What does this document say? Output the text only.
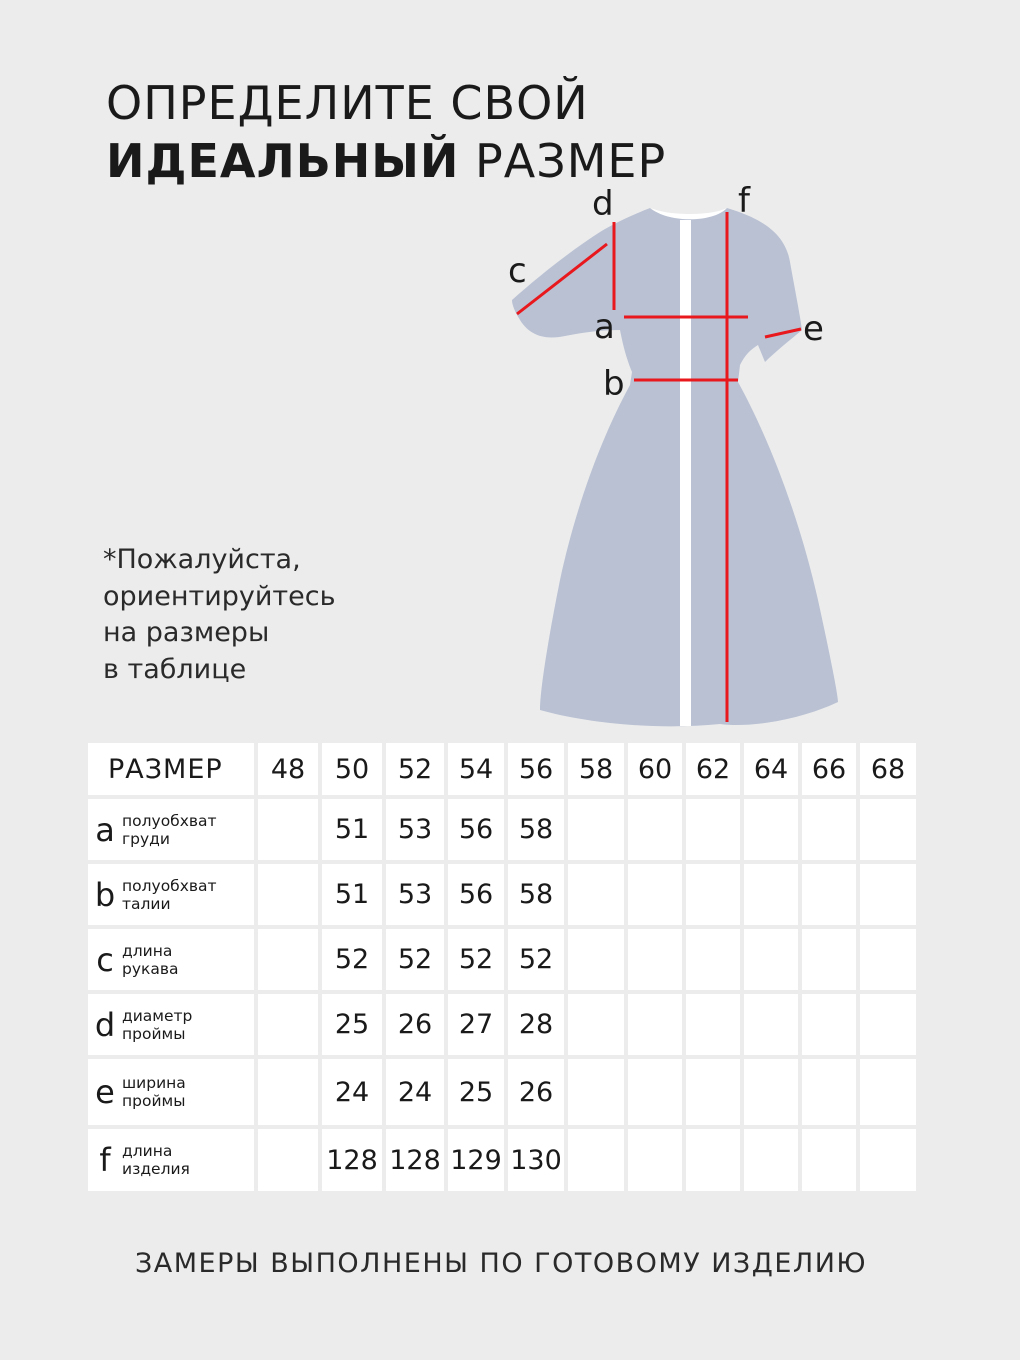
ОПРЕДЕЛИТЕ СВОЙ
ИДЕАЛЬНЫЙ РАЗМЕР

*Пожалуйста,
ориентируйтесь
на размеры
в таблице

d	f
c
a	e
b
РАЗМЕР	48	50	52	54	56	58	60	62	64	66	68

a полуобхват
груди		51	53	56	58						

b полуобхват
талии		51	53	56	58						

c длина
рукава		52	52	52	52						

d диаметр
проймы		25	26	27	28						

e ширина
проймы		24	24	25	26						

f длина
изделия		128	128	129	130						

ЗАМЕРЫ ВЫПОЛНЕНЫ ПО ГОТОВОМУ ИЗДЕЛИЮ
